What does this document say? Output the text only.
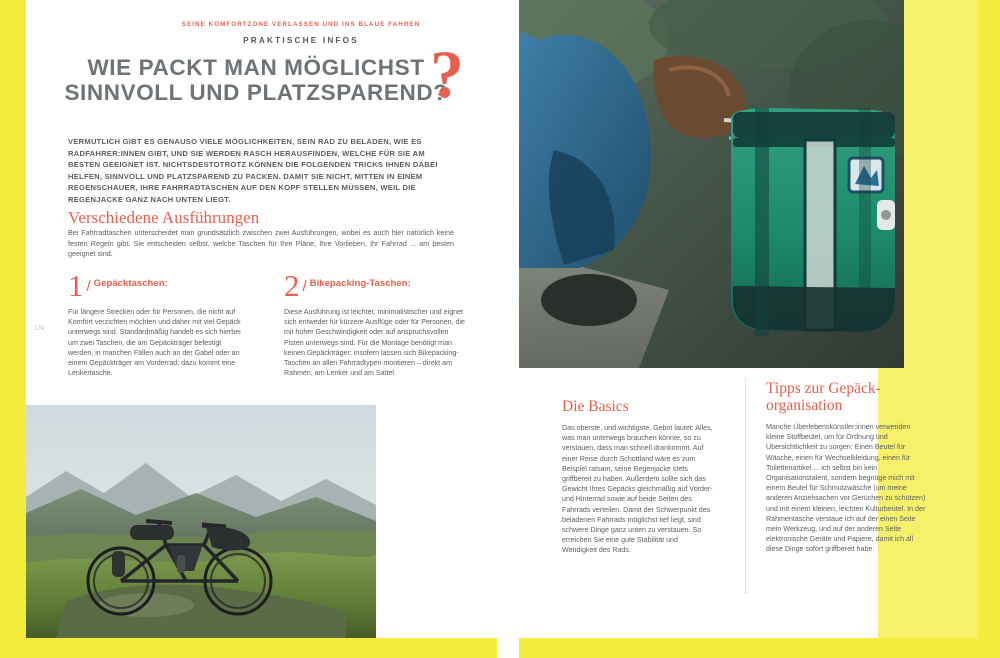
SEINE KOMFORTZONE VERLASSEN UND INS BLAUE FAHREN
PRAKTISCHE INFOS
WIE PACKT MAN MÖGLICHST
SINNVOLL UND PLATZSPAREND?
?
VERMUTLICH GIBT ES GENAUSO VIELE MÖGLICHKEITEN, SEIN RAD ZU BELADEN, WIE ES RADFAHRER:INNEN GIBT, UND SIE WERDEN RASCH HERAUSFINDEN, WELCHE FÜR SIE AM BESTEN GEEIGNET IST. NICHTSDESTOTROTZ KÖNNEN DIE FOLGENDEN TRICKS IHNEN DABEI HELFEN, SINNVOLL UND PLATZSPAREND ZU PACKEN. DAMIT SIE NICHT, MITTEN IN EINEM REGENSCHAUER, IHRE FAHRRADTASCHEN AUF DEN KOPF STELLEN MÜSSEN, WEIL DIE REGENJACKE GANZ NACH UNTEN LIEGT.
Verschiedene Ausführungen
Bei Fahrradtaschen unterscheidet man grundsätzlich zwischen zwei Ausführungen, wobei es auch hier natürlich keine festen Regeln gibt. Sie entscheiden selbst, welche Taschen für Ihre Pläne, Ihre Vorlieben, Ihr Fahrrad ... am besten geeignet sind.
1 / Gepäcktaschen:
Für längere Strecken oder für Personen, die nicht auf Komfort verzichten möchten und daher mit viel Gepäck unterwegs sind. Standardmäßig handelt es sich hierbei um zwei Taschen, die am Gepäckträger befestigt werden, in manchen Fällen auch an der Gabel oder an einem Gepäckträger am Vorderrad; dazu kommt eine Lenkertasche.
2 / Bikepacking-Taschen:
Diese Ausführung ist leichter, minimalistischer und eignet sich entweder für kürzere Ausflüge oder für Personen, die mit hoher Geschwindigkeit oder auf anspruchsvollen Pisten unterwegs sind. Für die Montage benötigt man keinen Gepäckträger; insofern lassen sich Bikepacking-Taschen an allen Fahrradtypen montieren – direkt am Rahmen, am Lenker und am Sattel.
174
Die Basics

Das oberste, und wichtigste, Gebot lautet: Alles, was man unterwegs brauchen könnte, so zu verstauen, dass man schnell drankommt. Auf einer Reise durch Schottland wäre es zum Beispiel ratsam, seine Regenjacke stets griffbereit zu haben. Außerdem sollte sich das Gewicht Ihres Gepäcks gleichmäßig auf Vorder- und Hinterrad sowie auf beide Seiten des Fahrrads verteilen. Damit der Schwerpunkt des beladenen Fahrrads möglichst tief liegt, sind schwere Dinge ganz unten zu verstauen. So erreichen Sie eine gute Stabilität und Wendigkeit des Rads.

Tipps zur Gepäck-organisation

Manche Überlebenskünstler:innen verwenden kleine Stoffbeutel, um für Ordnung und Übersichtlichkeit zu sorgen: Einen Beutel für Wäsche, einen für Wechselkleidung, einen für Toilettenartikel ... ich selbst bin kein Organisationstalent, sondern begnüge mich mit einem Beutel für Schmutzwäsche (um meine anderen Anziehsachen vor Gerüchen zu schützen) und mit einem kleinen, leichten Kulturbeutel. In der Rahmentasche verstaue ich auf der einen Seite mein Werkzeug, und auf der anderen Seite elektronische Geräte und Papiere, damit ich all diese Dinge sofort griffbereit habe.
